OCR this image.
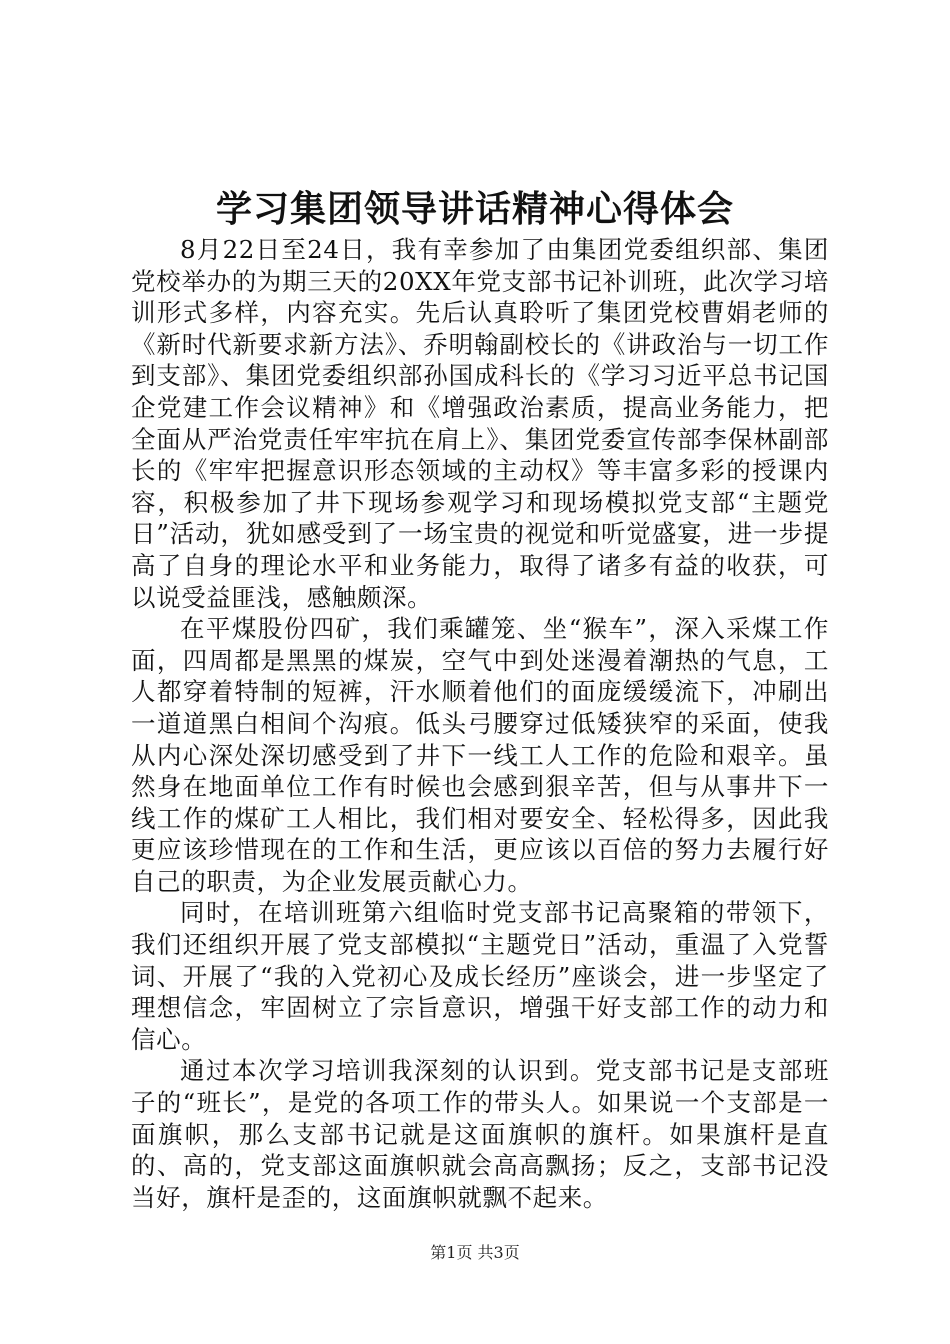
学习集团领导讲话精神心得体会

8月22日至24日，我有幸参加了由集团党委组织部、集团党校举办的为期三天的20XX年党支部书记补训班，此次学习培训形式多样，内容充实。先后认真聆听了集团党校曹娟老师的《新时代新要求新方法》、乔明翰副校长的《讲政治与一切工作到支部》、集团党委组织部孙国成科长的《学习习近平总书记国企党建工作会议精神》和《增强政治素质，提高业务能力，把全面从严治党责任牢牢抗在肩上》、集团党委宣传部李保林副部长的《牢牢把握意识形态领域的主动权》等丰富多彩的授课内容，积极参加了井下现场参观学习和现场模拟党支部“主题党日”活动，犹如感受到了一场宝贵的视觉和听觉盛宴，进一步提高了自身的理论水平和业务能力，取得了诸多有益的收获，可以说受益匪浅，感触颇深。

在平煤股份四矿，我们乘罐笼、坐“猴车”，深入采煤工作面，四周都是黑黑的煤炭，空气中到处迷漫着潮热的气息，工人都穿着特制的短裤，汗水顺着他们的面庞缓缓流下，冲刷出一道道黑白相间个沟痕。低头弓腰穿过低矮狭窄的采面，使我从内心深处深切感受到了井下一线工人工作的危险和艰辛。虽然身在地面单位工作有时候也会感到狠辛苦，但与从事井下一线工作的煤矿工人相比，我们相对要安全、轻松得多，因此我更应该珍惜现在的工作和生活，更应该以百倍的努力去履行好自己的职责，为企业发展贡献心力。

同时，在培训班第六组临时党支部书记高聚箱的带领下，我们还组织开展了党支部模拟“主题党日”活动，重温了入党誓词、开展了“我的入党初心及成长经历”座谈会，进一步坚定了理想信念，牢固树立了宗旨意识，增强干好支部工作的动力和信心。

通过本次学习培训我深刻的认识到。党支部书记是支部班子的“班长”，是党的各项工作的带头人。如果说一个支部是一面旗帜，那么支部书记就是这面旗帜的旗杆。如果旗杆是直的、高的，党支部这面旗帜就会高高飘扬；反之，支部书记没当好，旗杆是歪的，这面旗帜就飘不起来。

第1页 共3页
